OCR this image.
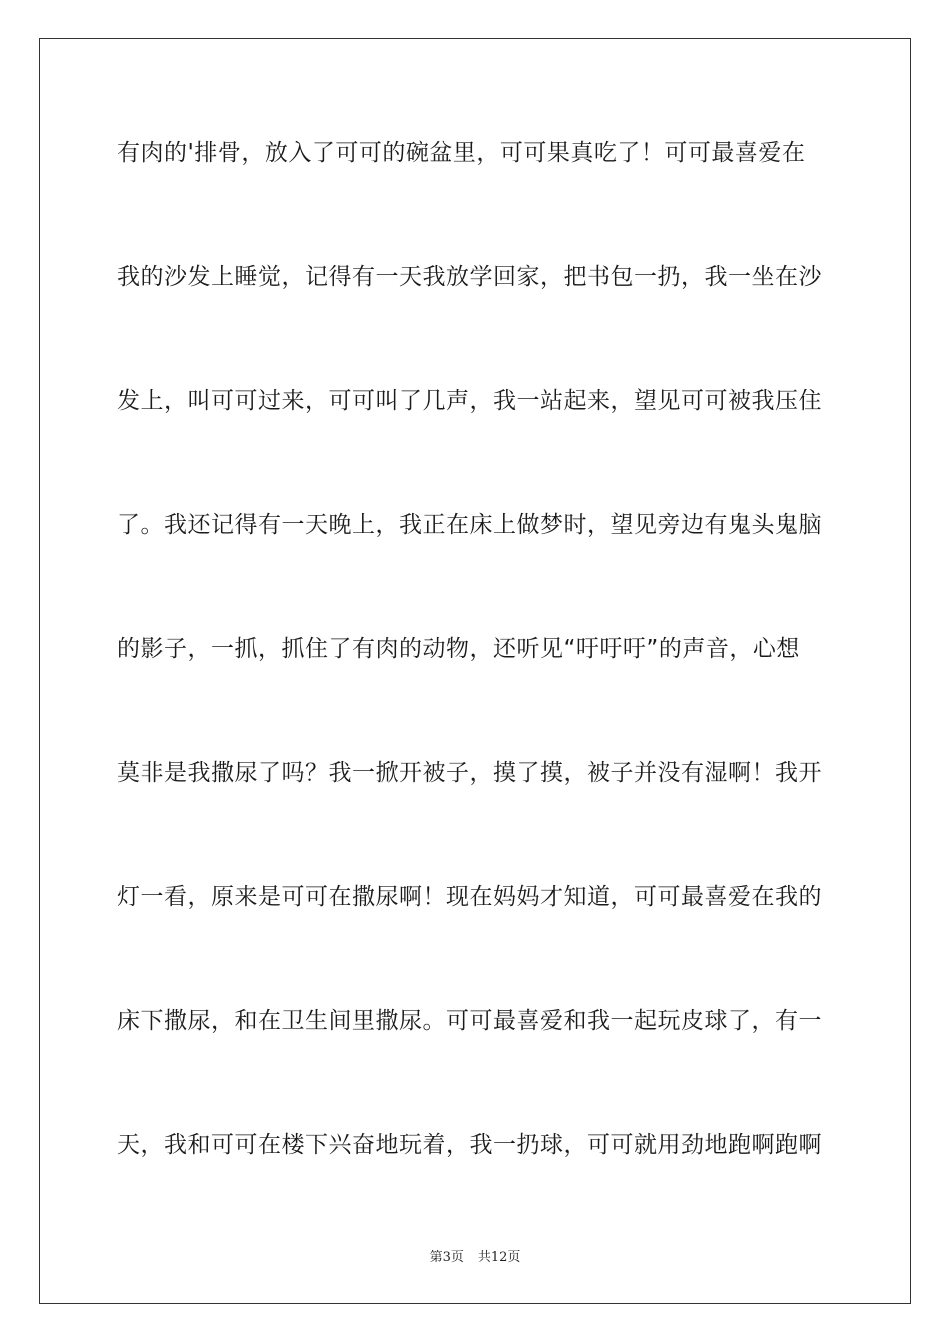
有肉的'排骨，放入了可可的碗盆里，可可果真吃了！可可最喜爱在
我的沙发上睡觉，记得有一天我放学回家，把书包一扔，我一坐在沙
发上，叫可可过来，可可叫了几声，我一站起来，望见可可被我压住
了。我还记得有一天晚上，我正在床上做梦时，望见旁边有鬼头鬼脑
的影子，一抓，抓住了有肉的动物，还听见“吁吁吁”的声音，心想
莫非是我撒尿了吗？我一掀开被子，摸了摸，被子并没有湿啊！我开
灯一看，原来是可可在撒尿啊！现在妈妈才知道，可可最喜爱在我的
床下撒尿，和在卫生间里撒尿。可可最喜爱和我一起玩皮球了，有一
天，我和可可在楼下兴奋地玩着，我一扔球，可可就用劲地跑啊跑啊
第3页 共12页
